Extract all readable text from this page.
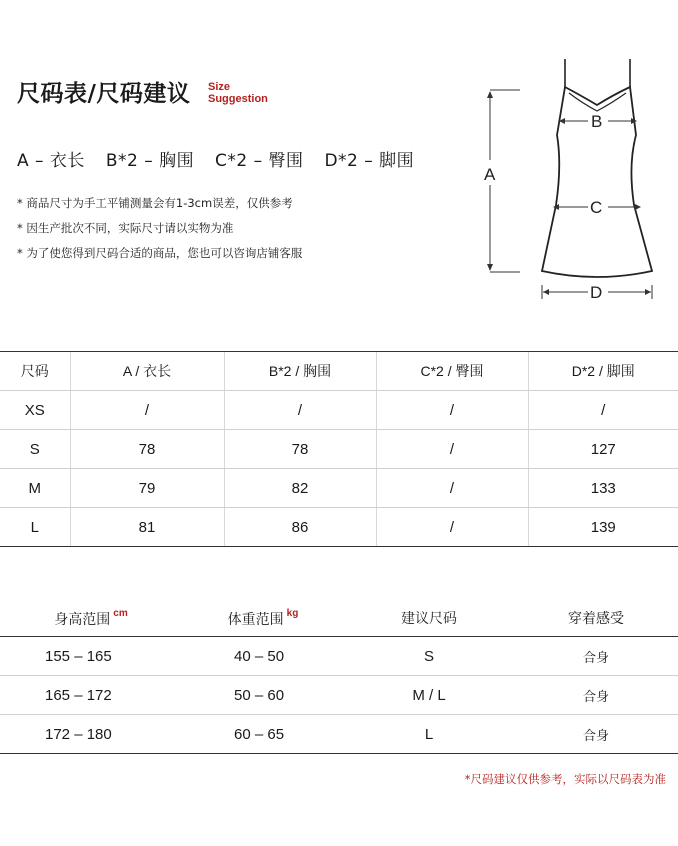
尺码表/尺码建议 Size
Suggestion
A – 衣长 B*2 – 胸围 C*2 – 臀围 D*2 – 脚围
* 商品尺寸为手工平铺测量会有1-3cm误差，仅供参考
* 因生产批次不同，实际尺寸请以实物为准
* 为了使您得到尺码合适的商品，您也可以咨询店铺客服
A
B
C
D
尺码	A / 衣长	B*2 / 胸围	C*2 / 臀围	D*2 / 脚围
XS	/	/	/	/
S	78	78	/	127
M	79	82	/	133
L	81	86	/	139
身高范围 $^{cm}$	体重范围 $^{kg}$	建议尺码	穿着感受
155 – 165	40 – 50	S	合身
165 – 172	50 – 60	M / L	合身
172 – 180	60 – 65	L	合身
*尺码建议仅供参考，实际以尺码表为准
